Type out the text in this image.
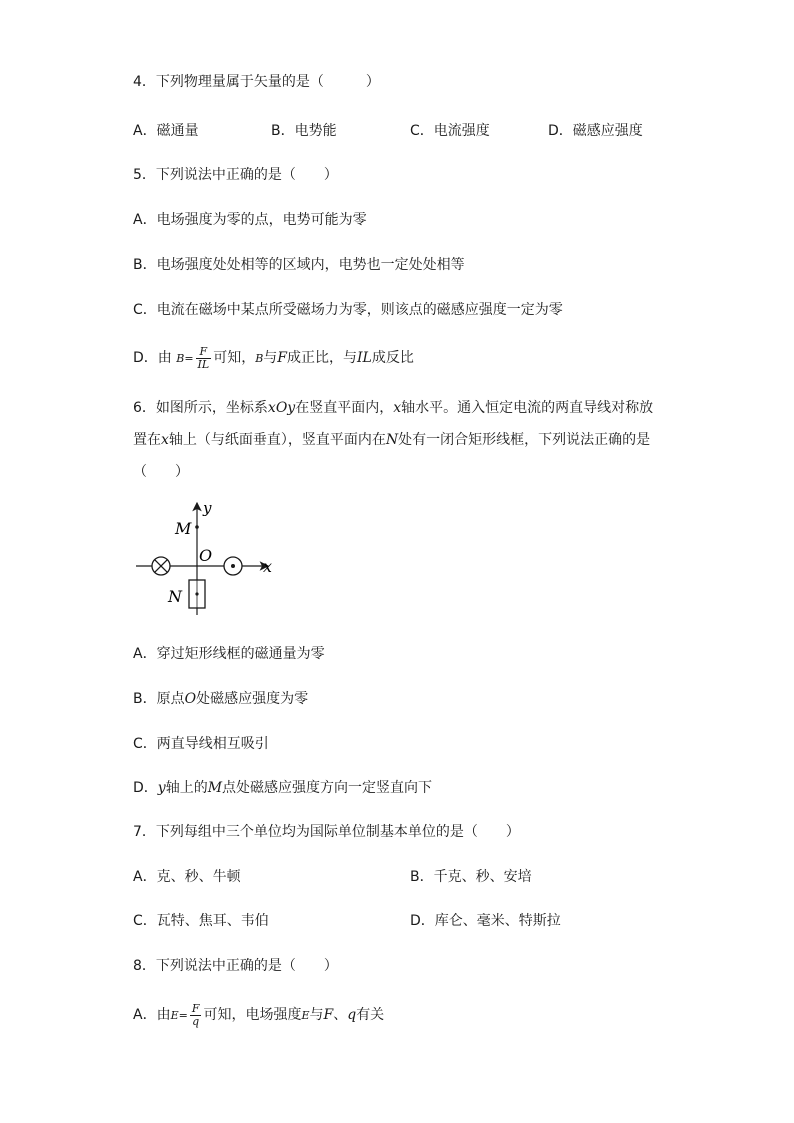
4．下列物理量属于矢量的是（　　　）
A．磁通量	B．电势能	C．电流强度	D．磁感应强度
5．下列说法中正确的是（　　）
A．电场强度为零的点，电势可能为零
B．电场强度处处相等的区域内，电势也一定处处相等
C．电流在磁场中某点所受磁场力为零，则该点的磁感应强度一定为零
D．由 $B= \frac{F}{IL}$ 可知，B与F成正比，与IL成反比
6．如图所示，坐标系xOy在竖直平面内，x轴水平。通入恒定电流的两直导线对称放
置在x轴上（与纸面垂直），竖直平面内在N处有一闭合矩形线框，下列说法正确的是
（　　）
y
M
O
x
N
A．穿过矩形线框的磁通量为零
B．原点O处磁感应强度为零
C．两直导线相互吸引
D．y轴上的M点处磁感应强度方向一定竖直向下
7．下列每组中三个单位均为国际单位制基本单位的是（　　）
A．克、秒、牛顿	B．千克、秒、安培
C．瓦特、焦耳、韦伯	D．库仑、毫米、特斯拉
8．下列说法中正确的是（　　）
A．由$E= \frac{F}{q}$ 可知，电场强度E与F、q有关
